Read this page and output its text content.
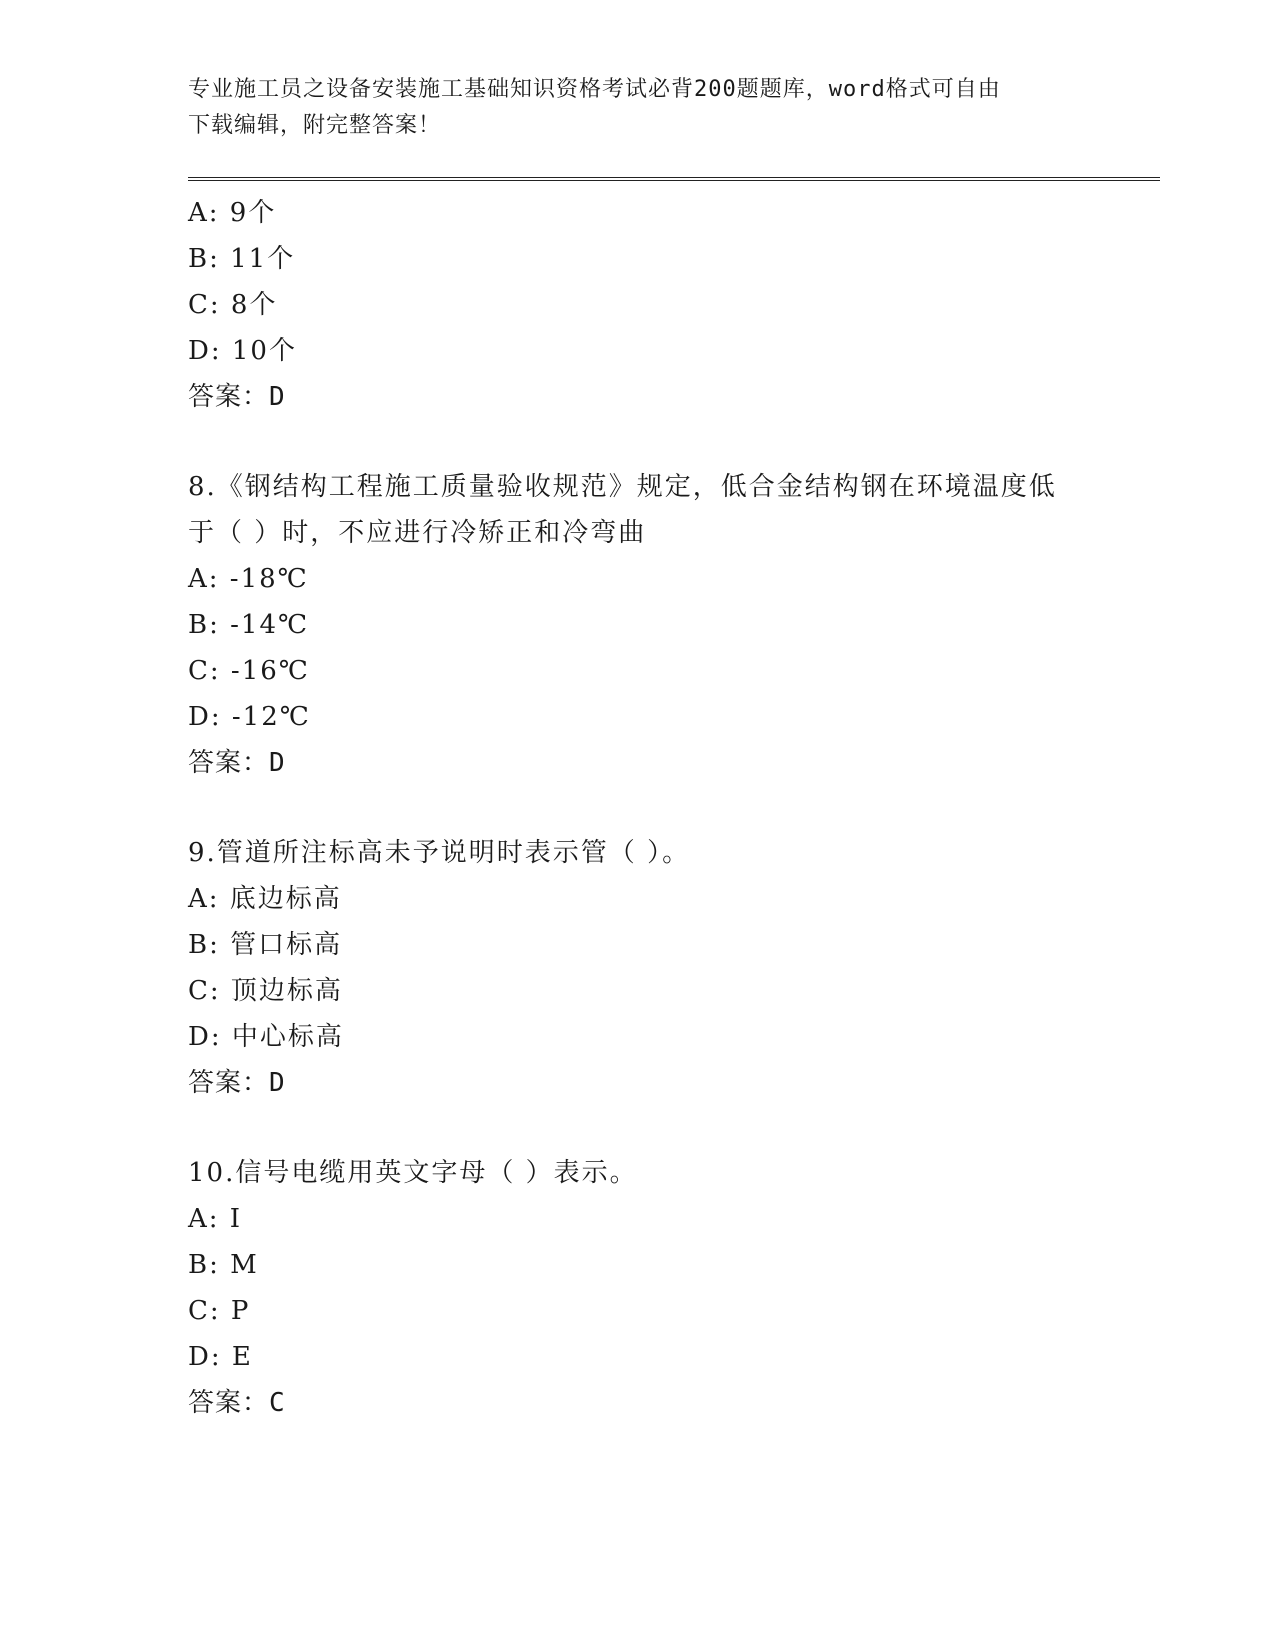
专业施工员之设备安装施工基础知识资格考试必背200题题库，word格式可自由
下载编辑，附完整答案！
A: 9个
B: 11个
C: 8个
D: 10个
答案：D
8.《钢结构工程施工质量验收规范》规定，低合金结构钢在环境温度低于（ ）时，不应进行冷矫正和冷弯曲
A: -18℃
B: -14℃
C: -16℃
D: -12℃
答案：D
9.管道所注标高未予说明时表示管（ ）。
A: 底边标高
B: 管口标高
C: 顶边标高
D: 中心标高
答案：D
10.信号电缆用英文字母（ ）表示。
A: I
B: M
C: P
D: E
答案：C
